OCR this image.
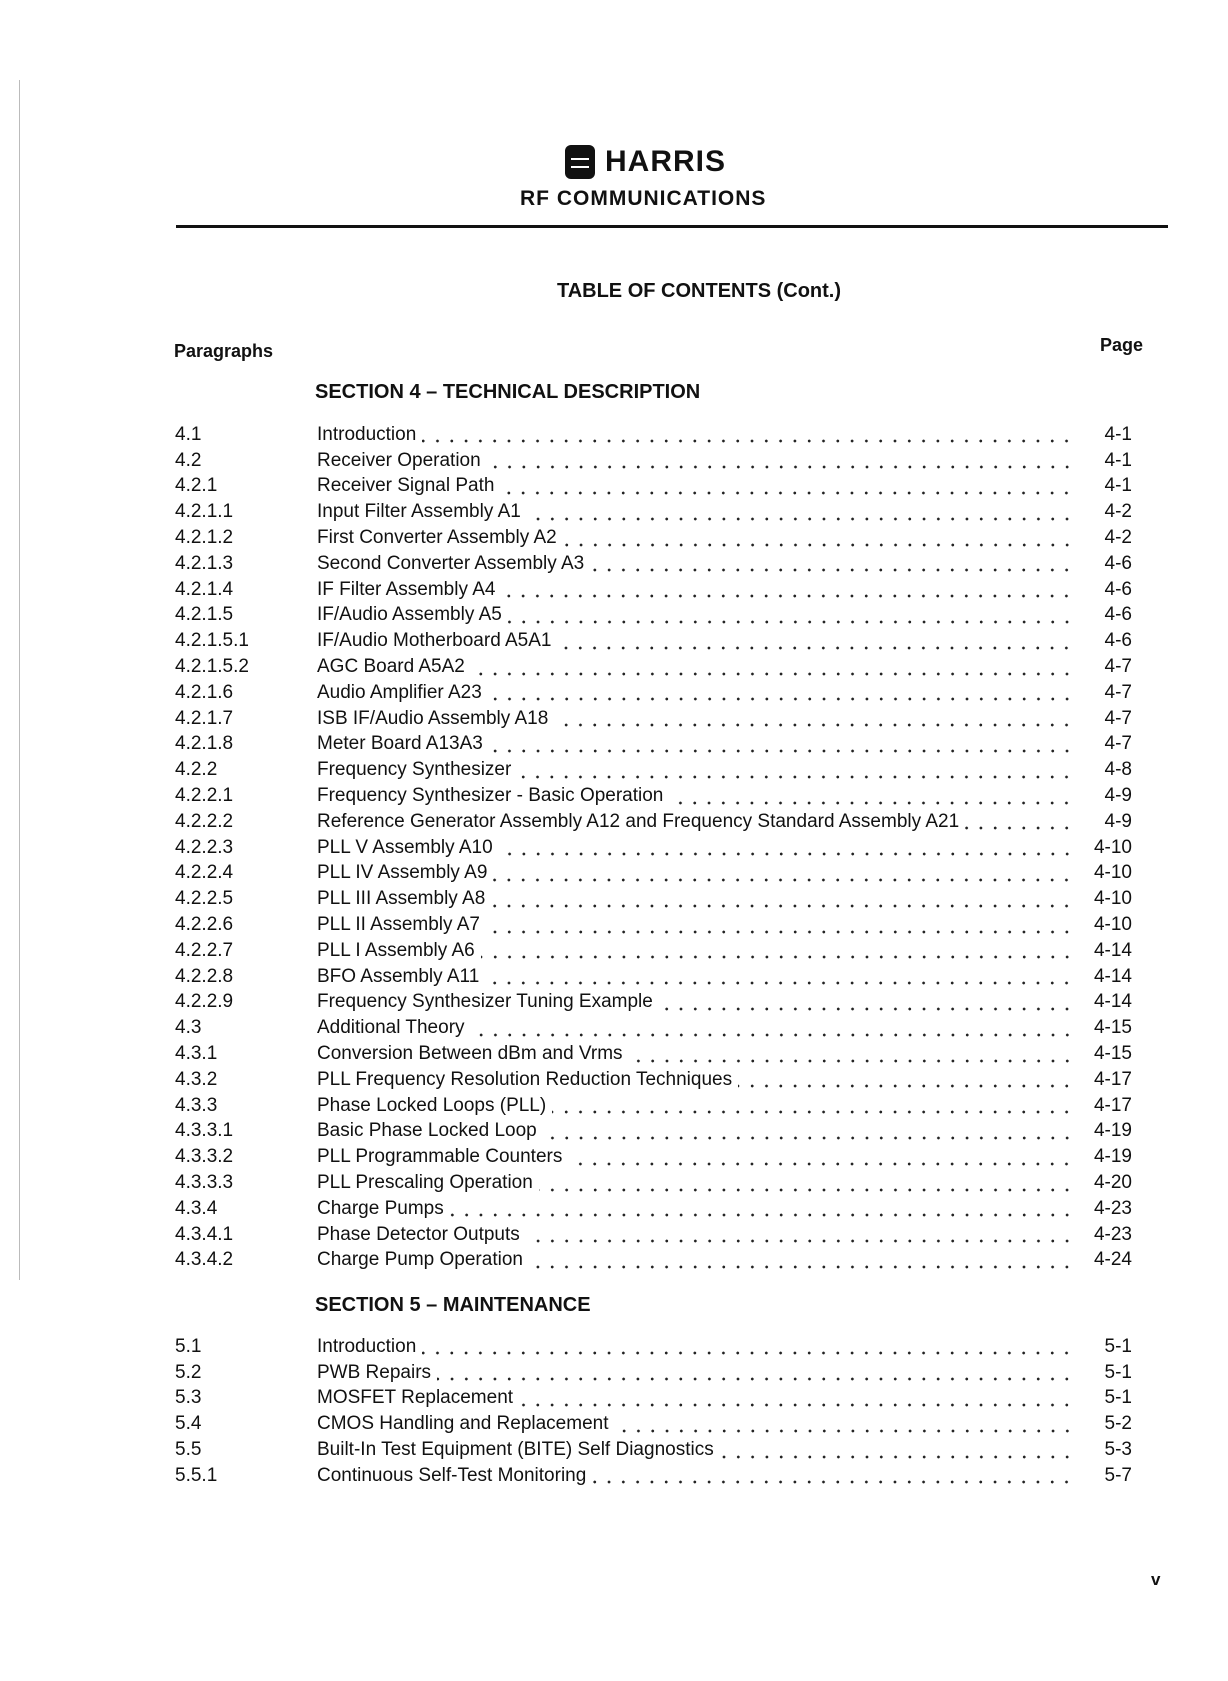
HARRIS
RF COMMUNICATIONS
TABLE OF CONTENTS (Cont.)
Paragraphs	Page
SECTION 4 – TECHNICAL DESCRIPTION
4.1	Introduction	4-1
4.2	Receiver Operation	4-1
4.2.1	Receiver Signal Path	4-1
4.2.1.1	Input Filter Assembly A1	4-2
4.2.1.2	First Converter Assembly A2	4-2
4.2.1.3	Second Converter Assembly A3	4-6
4.2.1.4	IF Filter Assembly A4	4-6
4.2.1.5	IF/Audio Assembly A5	4-6
4.2.1.5.1	IF/Audio Motherboard A5A1	4-6
4.2.1.5.2	AGC Board A5A2	4-7
4.2.1.6	Audio Amplifier A23	4-7
4.2.1.7	ISB IF/Audio Assembly A18	4-7
4.2.1.8	Meter Board A13A3	4-7
4.2.2	Frequency Synthesizer	4-8
4.2.2.1	Frequency Synthesizer - Basic Operation	4-9
4.2.2.2	Reference Generator Assembly A12 and Frequency Standard Assembly A21	4-9
4.2.2.3	PLL V Assembly A10	4-10
4.2.2.4	PLL IV Assembly A9	4-10
4.2.2.5	PLL III Assembly A8	4-10
4.2.2.6	PLL II Assembly A7	4-10
4.2.2.7	PLL I Assembly A6	4-14
4.2.2.8	BFO Assembly A11	4-14
4.2.2.9	Frequency Synthesizer Tuning Example	4-14
4.3	Additional Theory	4-15
4.3.1	Conversion Between dBm and Vrms	4-15
4.3.2	PLL Frequency Resolution Reduction Techniques	4-17
4.3.3	Phase Locked Loops (PLL)	4-17
4.3.3.1	Basic Phase Locked Loop	4-19
4.3.3.2	PLL Programmable Counters	4-19
4.3.3.3	PLL Prescaling Operation	4-20
4.3.4	Charge Pumps	4-23
4.3.4.1	Phase Detector Outputs	4-23
4.3.4.2	Charge Pump Operation	4-24
SECTION 5 – MAINTENANCE
5.1	Introduction	5-1
5.2	PWB Repairs	5-1
5.3	MOSFET Replacement	5-1
5.4	CMOS Handling and Replacement	5-2
5.5	Built-In Test Equipment (BITE) Self Diagnostics	5-3
5.5.1	Continuous Self-Test Monitoring	5-7
v
